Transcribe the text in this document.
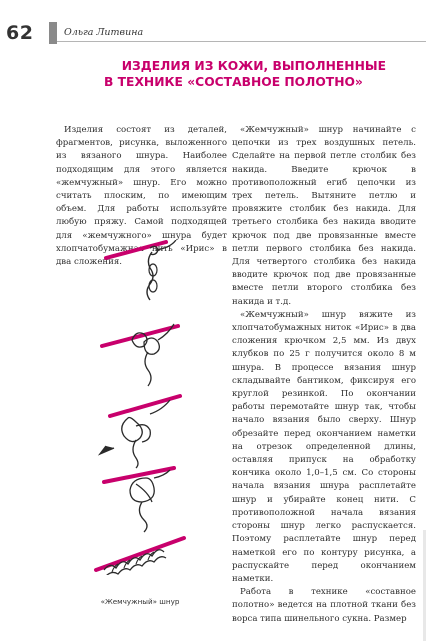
62	Ольга Литвина
ИЗДЕЛИЯ ИЗ КОЖИ, ВЫПОЛНЕННЫЕ
В ТЕХНИКЕ «СОСТАВНОЕ ПОЛОТНО»

Изделия состоят из деталей, фрагментов, рисунка, выложенного из вязаного шнура. Наиболее подходящим для этого является «жемчужный» шнур. Его можно считать плоским, по имеющим объем. Для работы используйте любую пряжу. Самой подходящей для «жемчужного» шнура будет хлопчатобумажная нить «Ирис» в два сложения.

«Жемчужный» шнур

«Жемчужный» шнур начинайте с цепочки из трех воздушных петель. Сделайте на первой петле столбик без накида. Введите крючок в противоположный егиб цепочки из трех петель. Вытяните петлю и провяжите столбик без накида. Для третьего столбика без накида вводите крючок под две провязанные вместе петли первого столбика без накида. Для четвертого столбика без накида вводите крючок под две провязанные вместе петли второго столбика без накида и т.д.

«Жемчужный» шнур вяжите из хлопчатобумажных ниток «Ирис» в два сложения крючком 2,5 мм. Из двух клубков по 25 г получится около 8 м шнура. В процессе вязания шнур складывайте бантиком, фиксируя его круглой резинкой. По окончании работы перемотайте шнур так, чтобы начало вязания было сверху. Шнур обрезайте перед окончанием наметки на отрезок определенной длины, оставляя припуск на обработку кончика около 1,0–1,5 см. Со стороны начала вязания шнура расплетайте шнур и убирайте конец нити. С противоположной начала вязания стороны шнур легко распускается. Поэтому расплетайте шнур перед наметкой его по контуру рисунка, а распускайте перед окончанием наметки.

Работа в технике «составное полотно» ведется на плотной ткани без ворса типа шинельного сукна. Размер
